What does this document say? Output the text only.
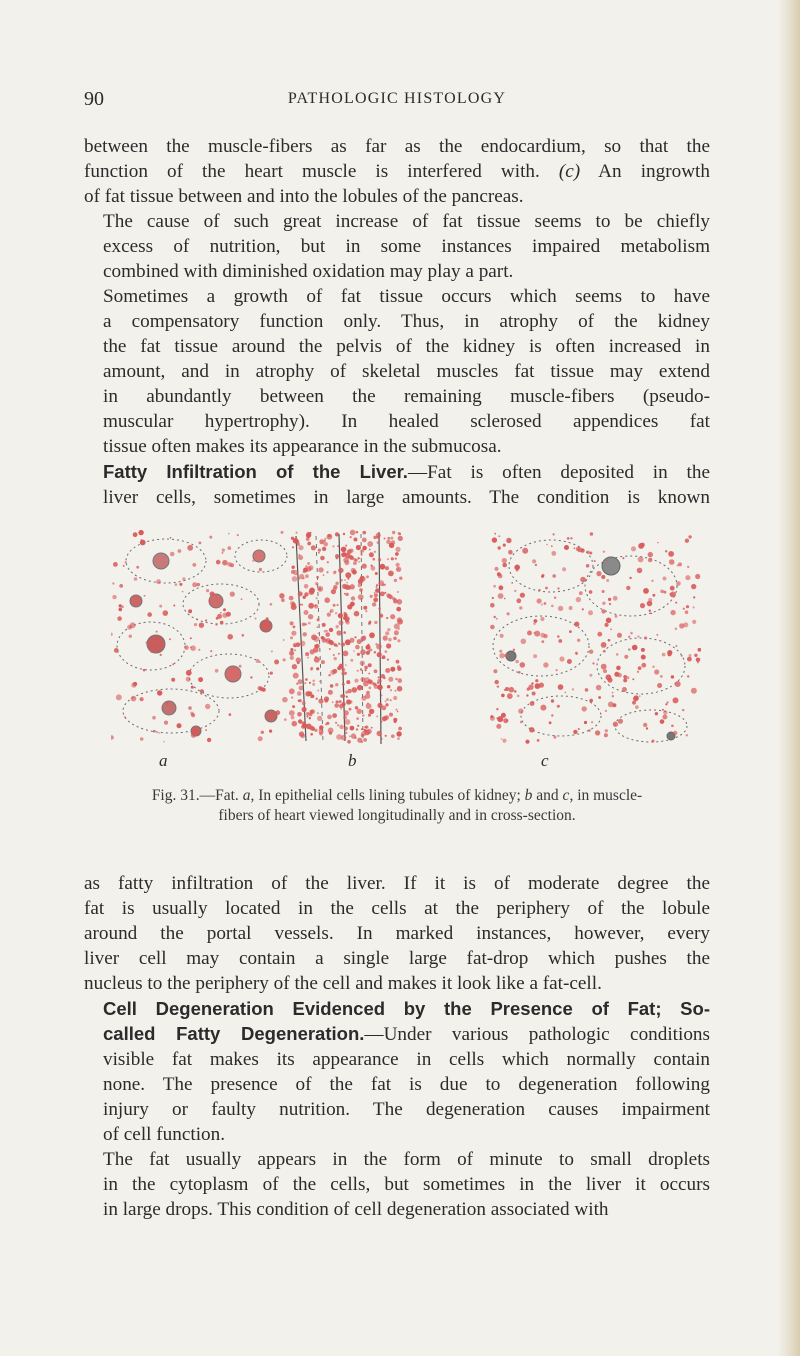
90	PATHOLOGIC HISTOLOGY

between the muscle-fibers as far as the endocardium, so that the
function of the heart muscle is interfered with. (c) An ingrowth
of fat tissue between and into the lobules of the pancreas.

The cause of such great increase of fat tissue seems to be chiefly
excess of nutrition, but in some instances impaired metabolism
combined with diminished oxidation may play a part.

Sometimes a growth of fat tissue occurs which seems to have
a compensatory function only. Thus, in atrophy of the kidney
the fat tissue around the pelvis of the kidney is often increased in
amount, and in atrophy of skeletal muscles fat tissue may extend
in abundantly between the remaining muscle-fibers (pseudo-
muscular hypertrophy). In healed sclerosed appendices fat
tissue often makes its appearance in the submucosa.

Fatty Infiltration of the Liver.—Fat is often deposited in the
liver cells, sometimes in large amounts. The condition is known

a	b	c
Fig. 31.—Fat. a, In epithelial cells lining tubules of kidney; b and c, in muscle-
fibers of heart viewed longitudinally and in cross-section.

as fatty infiltration of the liver. If it is of moderate degree the
fat is usually located in the cells at the periphery of the lobule
around the portal vessels. In marked instances, however, every
liver cell may contain a single large fat-drop which pushes the
nucleus to the periphery of the cell and makes it look like a fat-cell.

Cell Degeneration Evidenced by the Presence of Fat; So-
called Fatty Degeneration.—Under various pathologic conditions
visible fat makes its appearance in cells which normally contain
none. The presence of the fat is due to degeneration following
injury or faulty nutrition. The degeneration causes impairment
of cell function.

The fat usually appears in the form of minute to small droplets
in the cytoplasm of the cells, but sometimes in the liver it occurs
in large drops. This condition of cell degeneration associated with
